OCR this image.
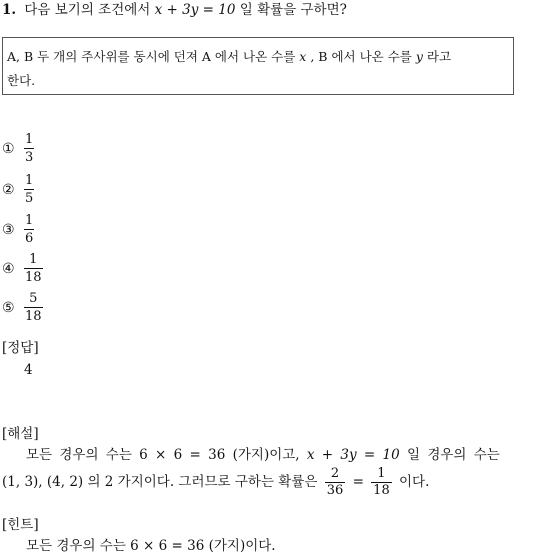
1. 다음 보기의 조건에서 x + 3y = 10 일 확률을 구하면?
A, B 두 개의 주사위를 동시에 던져 A 에서 나온 수를 x , B 에서 나온 수를 y 라고
한다.
① $\frac{1}{3}$
② $\frac{1}{5}$
③ $\frac{1}{6}$
④ $\frac{1}{18}$
⑤ $\frac{5}{18}$
[정답]
4
[해설]
모든 경우의 수는 6 × 6 = 36 (가지)이고, x + 3y = 10 일 경우의 수는
(1, 3), (4, 2) 의 2 가지이다. 그러므로 구하는 확률은 $\frac{2}{36} = \frac{1}{18}$ 이다.
[힌트]
모든 경우의 수는 6 × 6 = 36 (가지)이다.
